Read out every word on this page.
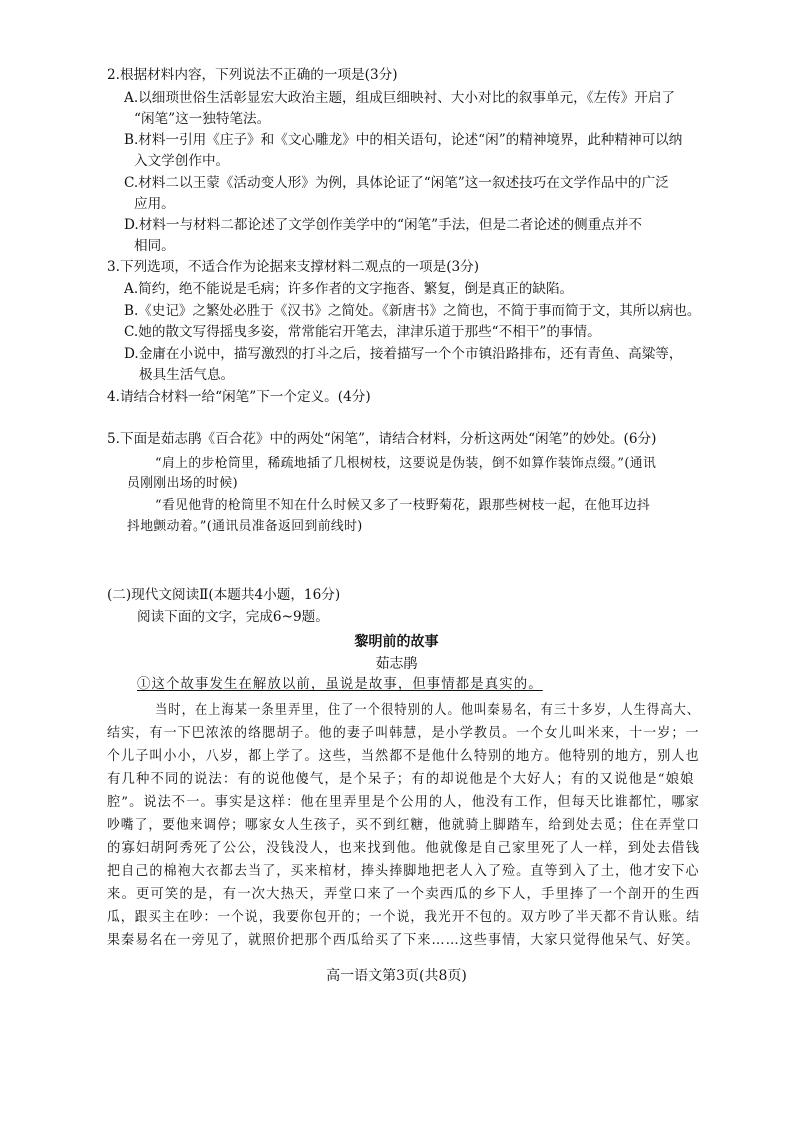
2.根据材料内容，下列说法不正确的一项是(3分)
A.以细琐世俗生活彰显宏大政治主题，组成巨细映衬、大小对比的叙事单元，《左传》开启了
“闲笔”这一独特笔法。
B.材料一引用《庄子》和《文心雕龙》中的相关语句，论述“闲”的精神境界，此种精神可以纳
入文学创作中。
C.材料二以王蒙《活动变人形》为例，具体论证了“闲笔”这一叙述技巧在文学作品中的广泛
应用。
D.材料一与材料二都论述了文学创作美学中的“闲笔”手法，但是二者论述的侧重点并不
相同。
3.下列选项，不适合作为论据来支撑材料二观点的一项是(3分)
A.简约，绝不能说是毛病；许多作者的文字拖沓、繁复，倒是真正的缺陷。
B.《史记》之繁处必胜于《汉书》之简处。《新唐书》之简也，不简于事而简于文，其所以病也。
C.她的散文写得摇曳多姿，常常能宕开笔去，津津乐道于那些“不相干”的事情。
D.金庸在小说中，描写激烈的打斗之后，接着描写一个个市镇沿路排布，还有青鱼、高粱等，
极具生活气息。
4.请结合材料一给“闲笔”下一个定义。(4分)
5.下面是茹志鹃《百合花》中的两处“闲笔”，请结合材料，分析这两处“闲笔”的妙处。(6分)
“肩上的步枪筒里，稀疏地插了几根树枝，这要说是伪装，倒不如算作装饰点缀。”(通讯
员刚刚出场的时候)
“看见他背的枪筒里不知在什么时候又多了一枝野菊花，跟那些树枝一起，在他耳边抖
抖地颤动着。”(通讯员准备返回到前线时)
(二)现代文阅读Ⅱ(本题共4小题，16分)
阅读下面的文字，完成6~9题。
黎明前的故事
茹志鹃
①这个故事发生在解放以前，虽说是故事，但事情都是真实的。
当时，在上海某一条里弄里，住了一个很特别的人。他叫秦易名，有三十多岁，人生得高大、
结实，有一下巴浓浓的络腮胡子。他的妻子叫韩慧，是小学教员。一个女儿叫米来，十一岁；一
个儿子叫小小，八岁，都上学了。这些，当然都不是他什么特别的地方。他特别的地方，别人也
有几种不同的说法：有的说他傻气，是个呆子；有的却说他是个大好人；有的又说他是“娘娘
腔”。说法不一。事实是这样：他在里弄里是个公用的人，他没有工作，但每天比谁都忙，哪家
吵嘴了，要他来调停；哪家女人生孩子，买不到红糖，他就骑上脚踏车，给到处去觅；住在弄堂口
的寡妇胡阿秀死了公公，没钱没人，也来找到他。他就像是自己家里死了人一样，到处去借钱
把自己的棉袍大衣都去当了，买来棺材，捧头捧脚地把老人入了殓。直等到入了土，他才安下心
来。更可笑的是，有一次大热天，弄堂口来了一个卖西瓜的乡下人，手里捧了一个剖开的生西
瓜，跟买主在吵：一个说，我要你包开的；一个说，我光开不包的。双方吵了半天都不肯认账。结
果秦易名在一旁见了，就照价把那个西瓜给买了下来……这些事情，大家只觉得他呆气、好笑。
高一语文第3页(共8页)
